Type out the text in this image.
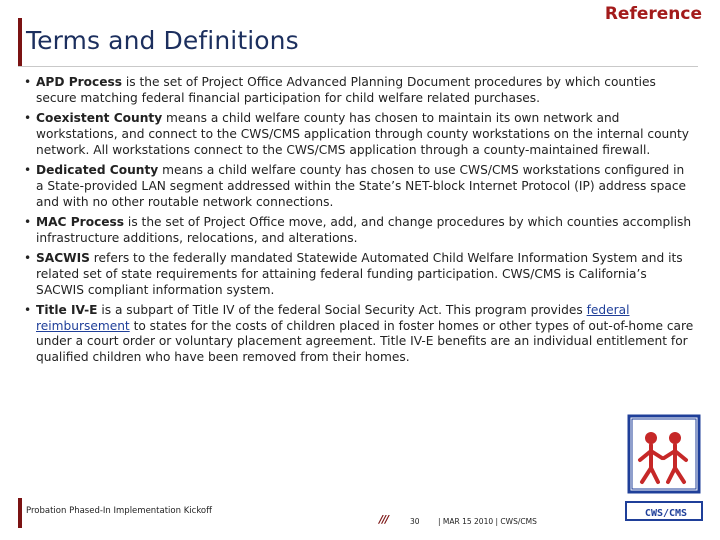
Terms and Definitions
Reference
• APD Process is the set of Project Office Advanced Planning Document procedures by which counties secure matching federal financial participation for child welfare related purchases.
• Coexistent County means a child welfare county has chosen to maintain its own network and workstations, and connect to the CWS/CMS application through county workstations on the internal county network. All workstations connect to the CWS/CMS application through a county-maintained firewall.
• Dedicated County means a child welfare county has chosen to use CWS/CMS workstations configured in a State-provided LAN segment addressed within the State’s NET-block Internet Protocol (IP) address space and with no other routable network connections.
• MAC Process is the set of Project Office move, add, and change procedures by which counties accomplish infrastructure additions, relocations, and alterations.
• SACWIS refers to the federally mandated Statewide Automated Child Welfare Information System and its related set of state requirements for attaining federal funding participation. CWS/CMS is California’s SACWIS compliant information system.
• Title IV-E is a subpart of Title IV of the federal Social Security Act. This program provides federal reimbursement to states for the costs of children placed in foster homes or other types of out-of-home care under a court order or voluntary placement agreement. Title IV-E benefits are an individual entitlement for qualified children who have been removed from their homes.
Probation Phased-In Implementation Kickoff
///	30 | MAR 15 2010 | CWS/CMS
CWS/CMS
